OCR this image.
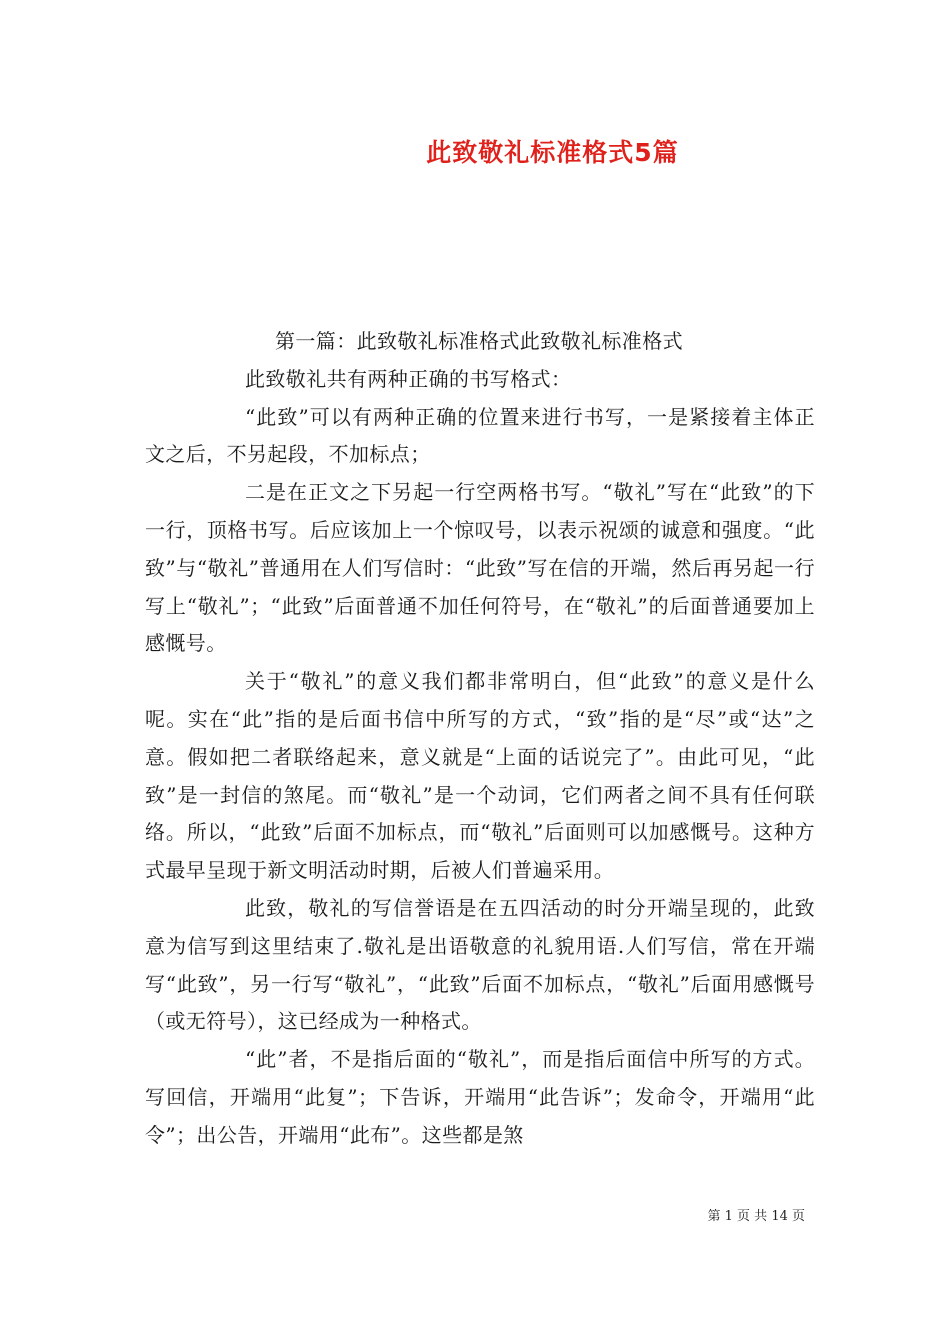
此致敬礼标准格式5篇

第一篇：此致敬礼标准格式此致敬礼标准格式

此致敬礼共有两种正确的书写格式：

“此致”可以有两种正确的位置来进行书写，一是紧接着主体正文之后，不另起段，不加标点；

二是在正文之下另起一行空两格书写。“敬礼”写在“此致”的下一行，顶格书写。后应该加上一个惊叹号，以表示祝颂的诚意和强度。“此致”与“敬礼”普通用在人们写信时：“此致”写在信的开端，然后再另起一行写上“敬礼”；“此致”后面普通不加任何符号，在“敬礼”的后面普通要加上感慨号。

关于“敬礼”的意义我们都非常明白，但“此致”的意义是什么呢。实在“此”指的是后面书信中所写的方式，“致”指的是“尽”或“达”之意。假如把二者联络起来，意义就是“上面的话说完了”。由此可见，“此致”是一封信的煞尾。而“敬礼”是一个动词，它们两者之间不具有任何联络。所以，“此致”后面不加标点，而“敬礼”后面则可以加感慨号。这种方式最早呈现于新文明活动时期，后被人们普遍采用。

此致，敬礼的写信誉语是在五四活动的时分开端呈现的，此致意为信写到这里结束了.敬礼是出语敬意的礼貌用语.人们写信，常在开端写“此致”，另一行写“敬礼”，“此致”后面不加标点，“敬礼”后面用感慨号（或无符号），这已经成为一种格式。

“此”者，不是指后面的“敬礼”，而是指后面信中所写的方式。写回信，开端用“此复”；下告诉，开端用“此告诉”；发命令，开端用“此令”；出公告，开端用“此布”。这些都是煞

第 1 页 共 14 页
